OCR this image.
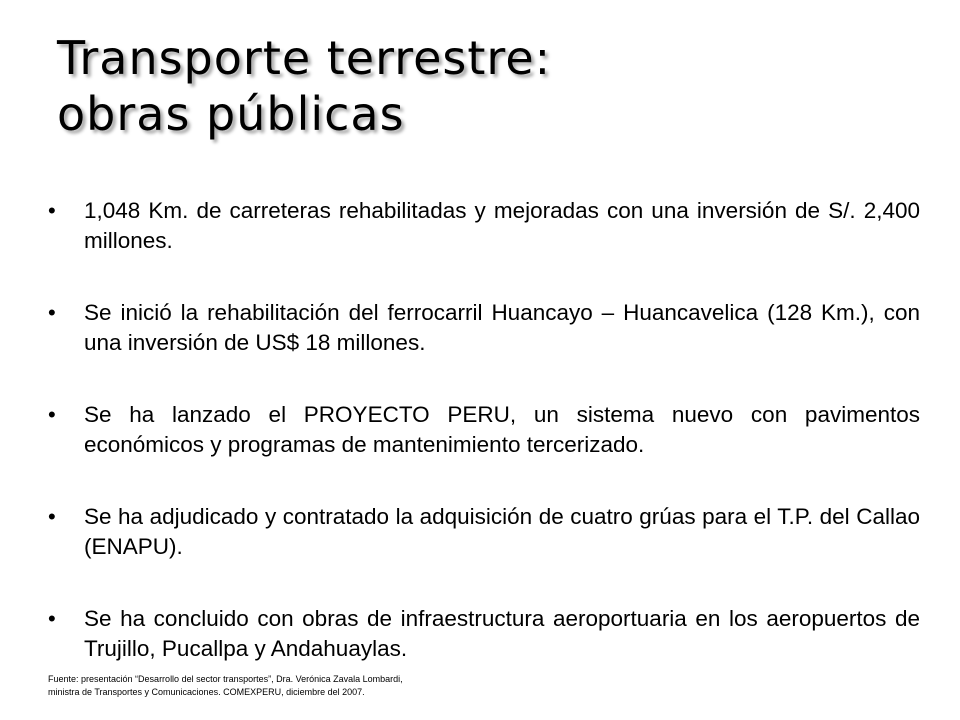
Transporte terrestre:
obras públicas
• 1,048 Km. de carreteras rehabilitadas y mejoradas con una inversión de S/. 2,400 millones.
• Se inició la rehabilitación del ferrocarril Huancayo – Huancavelica (128 Km.), con una inversión de US$ 18 millones.
• Se ha lanzado el PROYECTO PERU, un sistema nuevo con pavimentos económicos y programas de mantenimiento tercerizado.
• Se ha adjudicado y contratado la adquisición de cuatro grúas para el T.P. del Callao (ENAPU).
• Se ha concluido con obras de infraestructura aeroportuaria en los aeropuertos de Trujillo, Pucallpa y Andahuaylas.
Fuente: presentación “Desarrollo del sector transportes”, Dra. Verónica Zavala Lombardi,
ministra de Transportes y Comunicaciones. COMEXPERU, diciembre del 2007.
